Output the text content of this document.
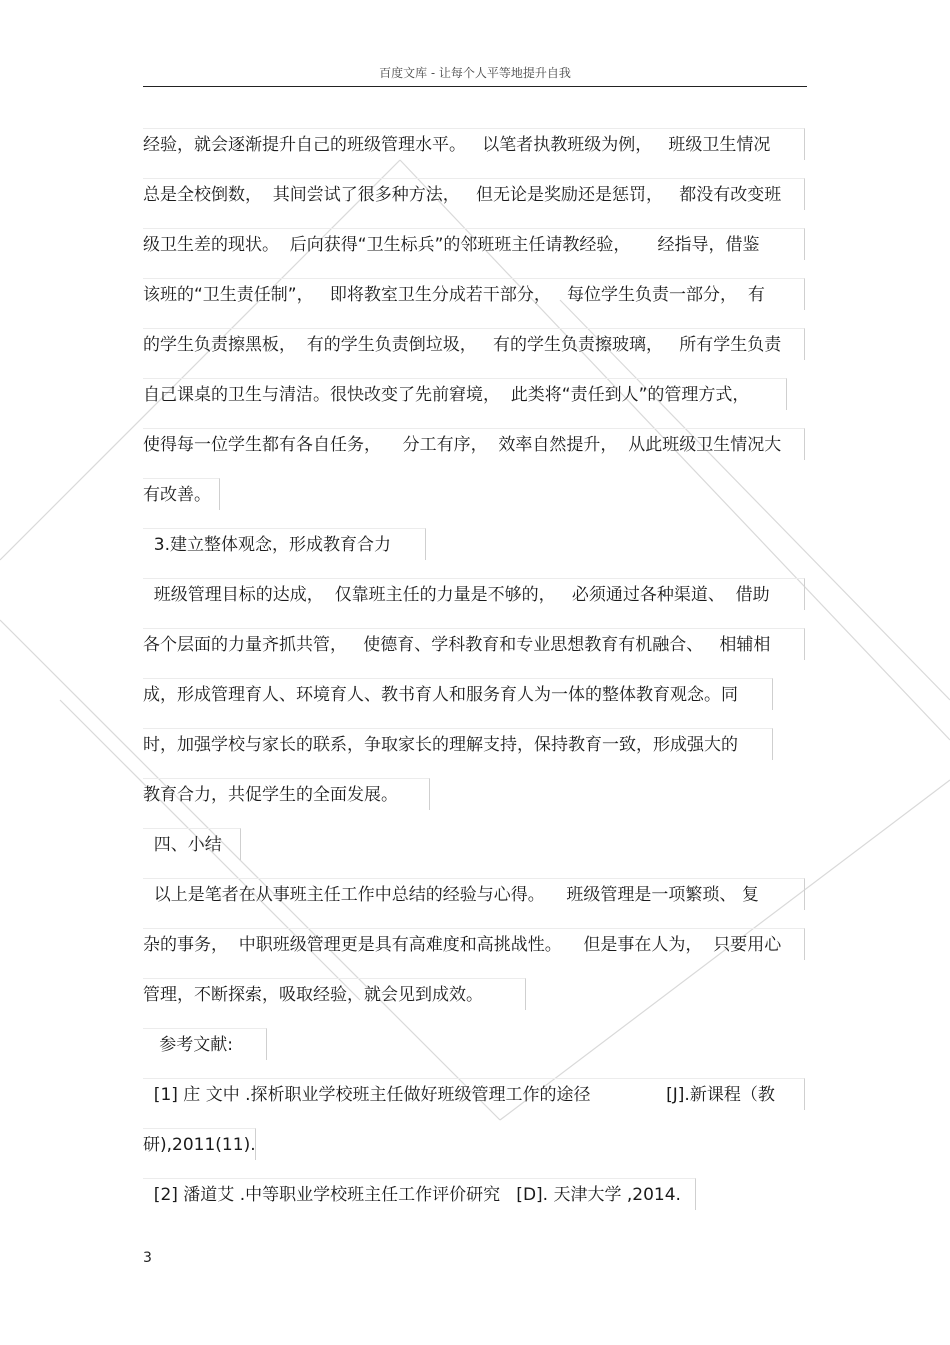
百度文库 - 让每个人平等地提升自我
经验，就会逐渐提升自己的班级管理水平。   以笔者执教班级为例，   班级卫生情况
总是全校倒数，  其间尝试了很多种方法，   但无论是奖励还是惩罚，   都没有改变班
级卫生差的现状。  后向获得“卫生标兵”的邻班班主任请教经验，     经指导，借鉴
该班的“卫生责任制”，   即将教室卫生分成若干部分，   每位学生负责一部分，  有
的学生负责擦黑板，  有的学生负责倒垃圾，   有的学生负责擦玻璃，   所有学生负责
自己课桌的卫生与清洁。很快改变了先前窘境，  此类将“责任到人”的管理方式，
使得每一位学生都有各自任务，    分工有序，  效率自然提升，  从此班级卫生情况大
有改善。
3.建立整体观念，形成教育合力
班级管理目标的达成，  仅靠班主任的力量是不够的，   必须通过各种渠道、  借助
各个层面的力量齐抓共管，   使德育、学科教育和专业思想教育有机融合、   相辅相
成，形成管理育人、环境育人、教书育人和服务育人为一体的整体教育观念。同
时，加强学校与家长的联系，争取家长的理解支持，保持教育一致，形成强大的
教育合力，共促学生的全面发展。
四、小结
以上是笔者在从事班主任工作中总结的经验与心得。    班级管理是一项繁琐、 复
杂的事务，  中职班级管理更是具有高难度和高挑战性。    但是事在人为，  只要用心
管理，不断探索，吸取经验，就会见到成效。
参考文献:
[1] 庄 文中 .探析职业学校班主任做好班级管理工作的途径              [J].新课程（教
研),2011(11).
[2] 潘道艾 .中等职业学校班主任工作评价研究   [D]. 天津大学 ,2014.
3
